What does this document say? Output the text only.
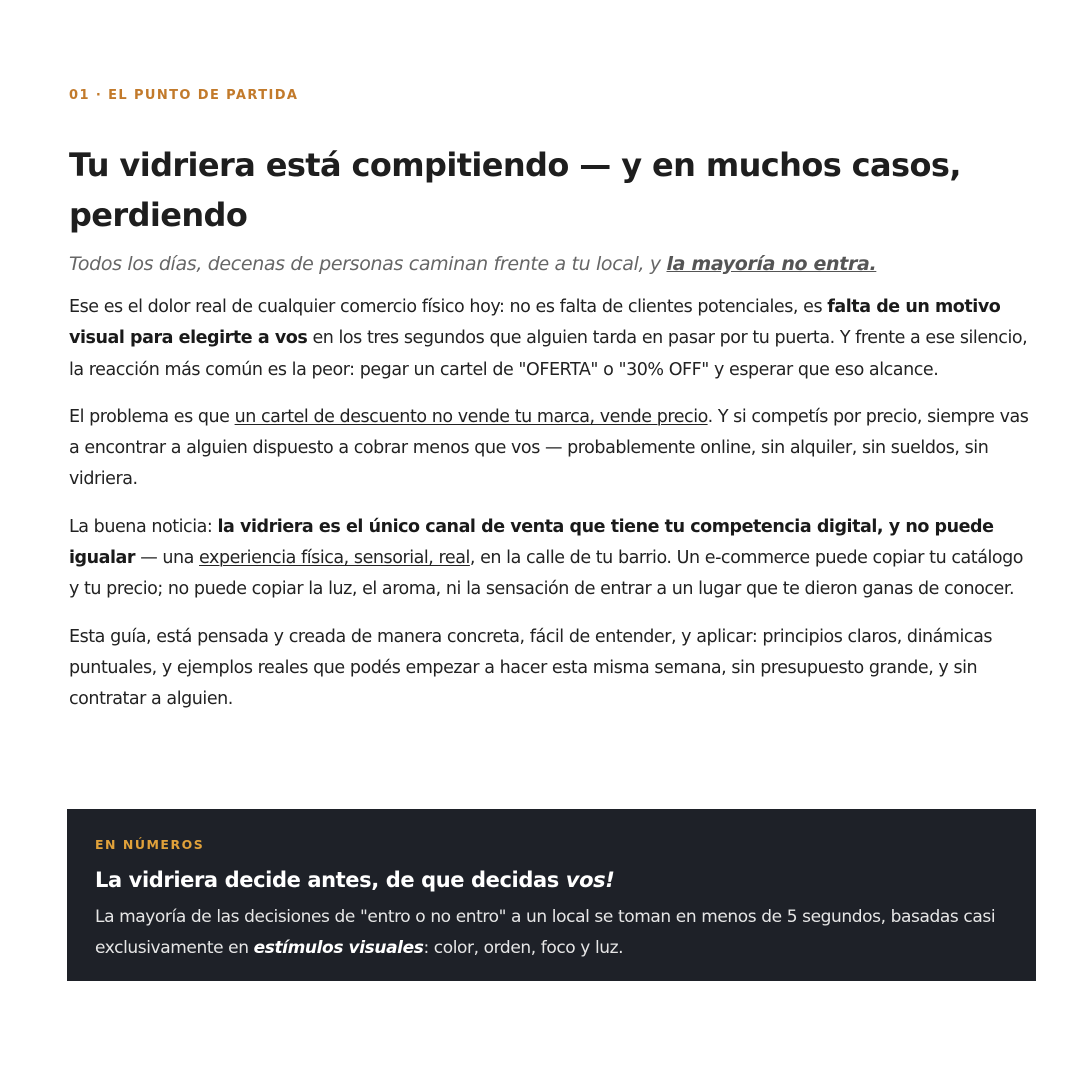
01 · EL PUNTO DE PARTIDA

Tu vidriera está compitiendo — y en muchos casos, perdiendo

Todos los días, decenas de personas caminan frente a tu local, y la mayoría no entra.

Ese es el dolor real de cualquier comercio físico hoy: no es falta de clientes potenciales, es falta de un motivo visual para elegirte a vos en los tres segundos que alguien tarda en pasar por tu puerta. Y frente a ese silencio, la reacción más común es la peor: pegar un cartel de "OFERTA" o "30% OFF" y esperar que eso alcance.

El problema es que un cartel de descuento no vende tu marca, vende precio. Y si competís por precio, siempre vas a encontrar a alguien dispuesto a cobrar menos que vos — probablemente online, sin alquiler, sin sueldos, sin vidriera.

La buena noticia: la vidriera es el único canal de venta que tiene tu competencia digital, y no puede igualar — una experiencia física, sensorial, real, en la calle de tu barrio. Un e-commerce puede copiar tu catálogo y tu precio; no puede copiar la luz, el aroma, ni la sensación de entrar a un lugar que te dieron ganas de conocer.

Esta guía, está pensada y creada de manera concreta, fácil de entender, y aplicar: principios claros, dinámicas puntuales, y ejemplos reales que podés empezar a hacer esta misma semana, sin presupuesto grande, y sin contratar a alguien.

EN NÚMEROS

La vidriera decide antes, de que decidas vos!

La mayoría de las decisiones de "entro o no entro" a un local se toman en menos de 5 segundos, basadas casi exclusivamente en estímulos visuales: color, orden, foco y luz.
